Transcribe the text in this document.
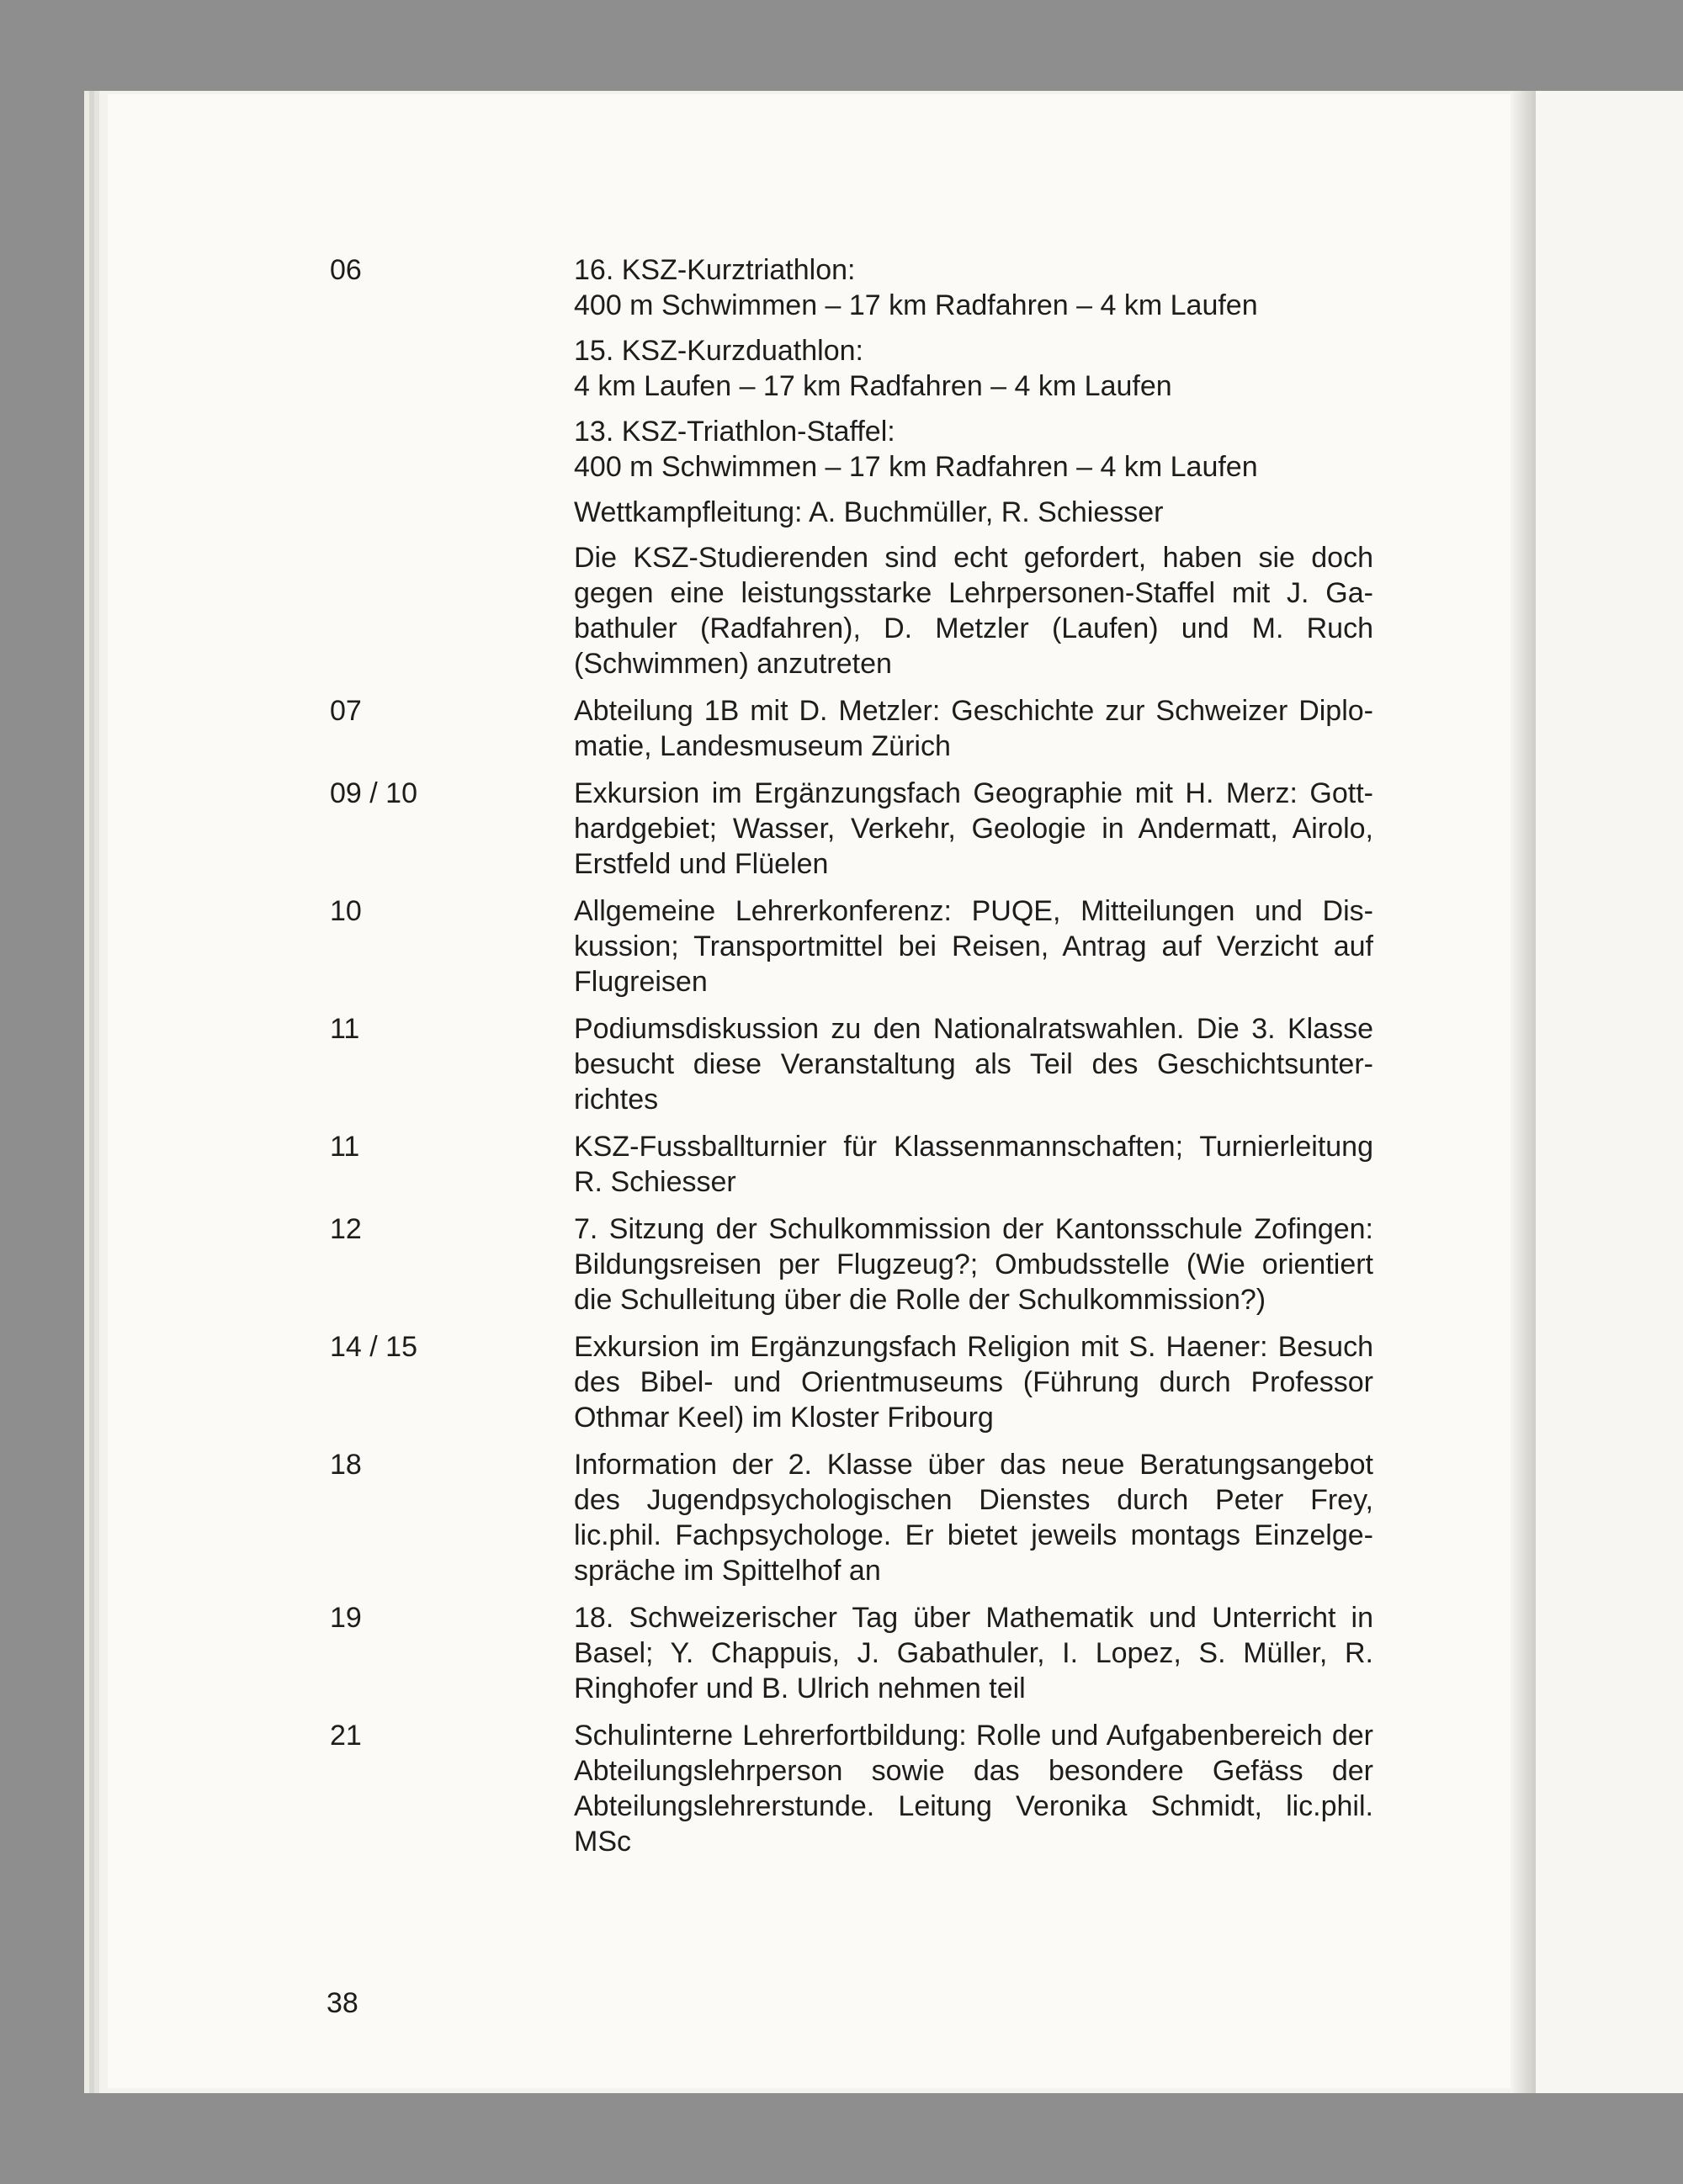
06	16. KSZ-Kurztriathlon:
400 m Schwimmen – 17 km Radfahren – 4 km Laufen
15. KSZ-Kurzduathlon:
4 km Laufen – 17 km Radfahren – 4 km Laufen
13. KSZ-Triathlon-Staffel:
400 m Schwimmen – 17 km Radfahren – 4 km Laufen
Wettkampfleitung: A. Buchmüller, R. Schiesser
Die KSZ-Studierenden sind echt gefordert, haben sie doch gegen eine leistungsstarke Lehrpersonen-Staffel mit J. Gabathuler (Radfahren), D. Metzler (Laufen) und M. Ruch (Schwimmen) anzutreten
07	Abteilung 1B mit D. Metzler: Geschichte zur Schweizer Diplomatie, Landesmuseum Zürich
09 / 10	Exkursion im Ergänzungsfach Geographie mit H. Merz: Gotthardgebiet; Wasser, Verkehr, Geologie in Andermatt, Airolo, Erstfeld und Flüelen
10	Allgemeine Lehrerkonferenz: PUQE, Mitteilungen und Diskussion; Transportmittel bei Reisen, Antrag auf Verzicht auf Flugreisen
11	Podiumsdiskussion zu den Nationalratswahlen. Die 3. Klasse besucht diese Veranstaltung als Teil des Geschichtsunterrichtes
11	KSZ-Fussballturnier für Klassenmannschaften; Turnierleitung R. Schiesser
12	7. Sitzung der Schulkommission der Kantonsschule Zofingen: Bildungsreisen per Flugzeug?; Ombudsstelle (Wie orientiert die Schulleitung über die Rolle der Schulkommission?)
14 / 15	Exkursion im Ergänzungsfach Religion mit S. Haener: Besuch des Bibel- und Orientmuseums (Führung durch Professor Othmar Keel) im Kloster Fribourg
18	Information der 2. Klasse über das neue Beratungsangebot des Jugendpsychologischen Dienstes durch Peter Frey, lic.phil. Fachpsychologe. Er bietet jeweils montags Einzelgespräche im Spittelhof an
19	18. Schweizerischer Tag über Mathematik und Unterricht in Basel; Y. Chappuis, J. Gabathuler, I. Lopez, S. Müller, R. Ringhofer und B. Ulrich nehmen teil
21	Schulinterne Lehrerfortbildung: Rolle und Aufgabenbereich der Abteilungslehrperson sowie das besondere Gefäss der Abteilungslehrerstunde. Leitung Veronika Schmidt, lic.phil. MSc
38
